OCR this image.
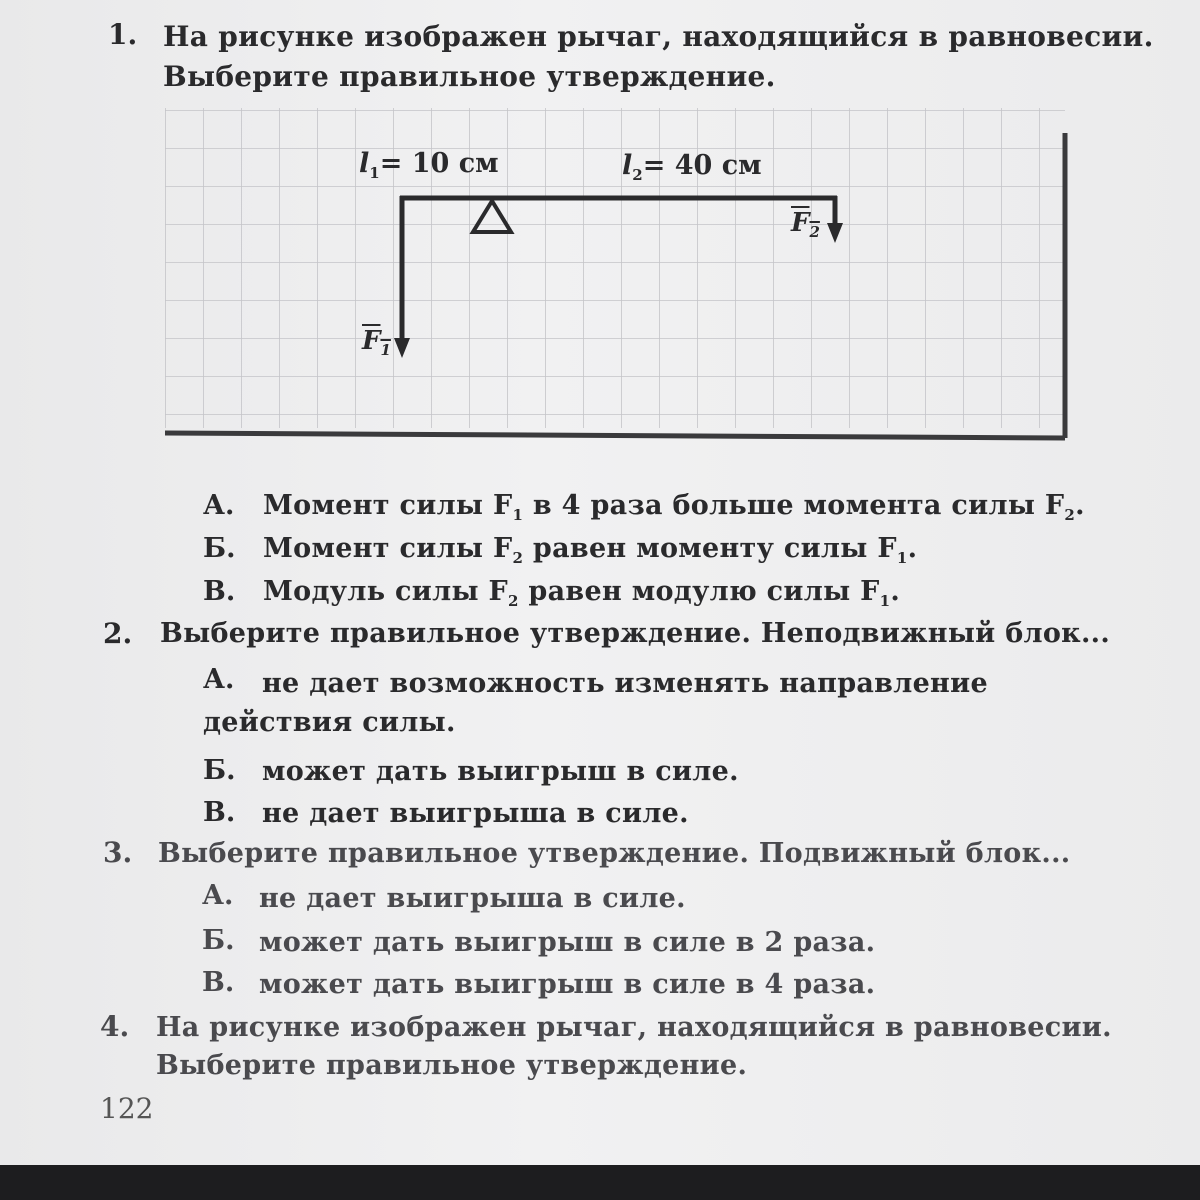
1. На рисунке изображен рычаг, находящийся в равновесии.
Выберите правильное утверждение.
$l_1= 10$ см	$l_2= 40$ см
$F_2$
$F_1$
А. Момент силы $F_1$ в 4 раза больше момента силы $F_2$.
Б. Момент силы $F_2$ равен моменту силы $F_1$.
В. Модуль силы $F_2$ равен модулю силы $F_1$.
2. Выберите правильное утверждение. Неподвижный блок...
А. не дает возможность изменять направление
действия силы.
Б. может дать выигрыш в силе.
В. не дает выигрыша в силе.
3. Выберите правильное утверждение. Подвижный блок...
А. не дает выигрыша в силе.
Б. может дать выигрыш в силе в 2 раза.
В. может дать выигрыш в силе в 4 раза.
4. На рисунке изображен рычаг, находящийся в равновесии.
Выберите правильное утверждение.
122
